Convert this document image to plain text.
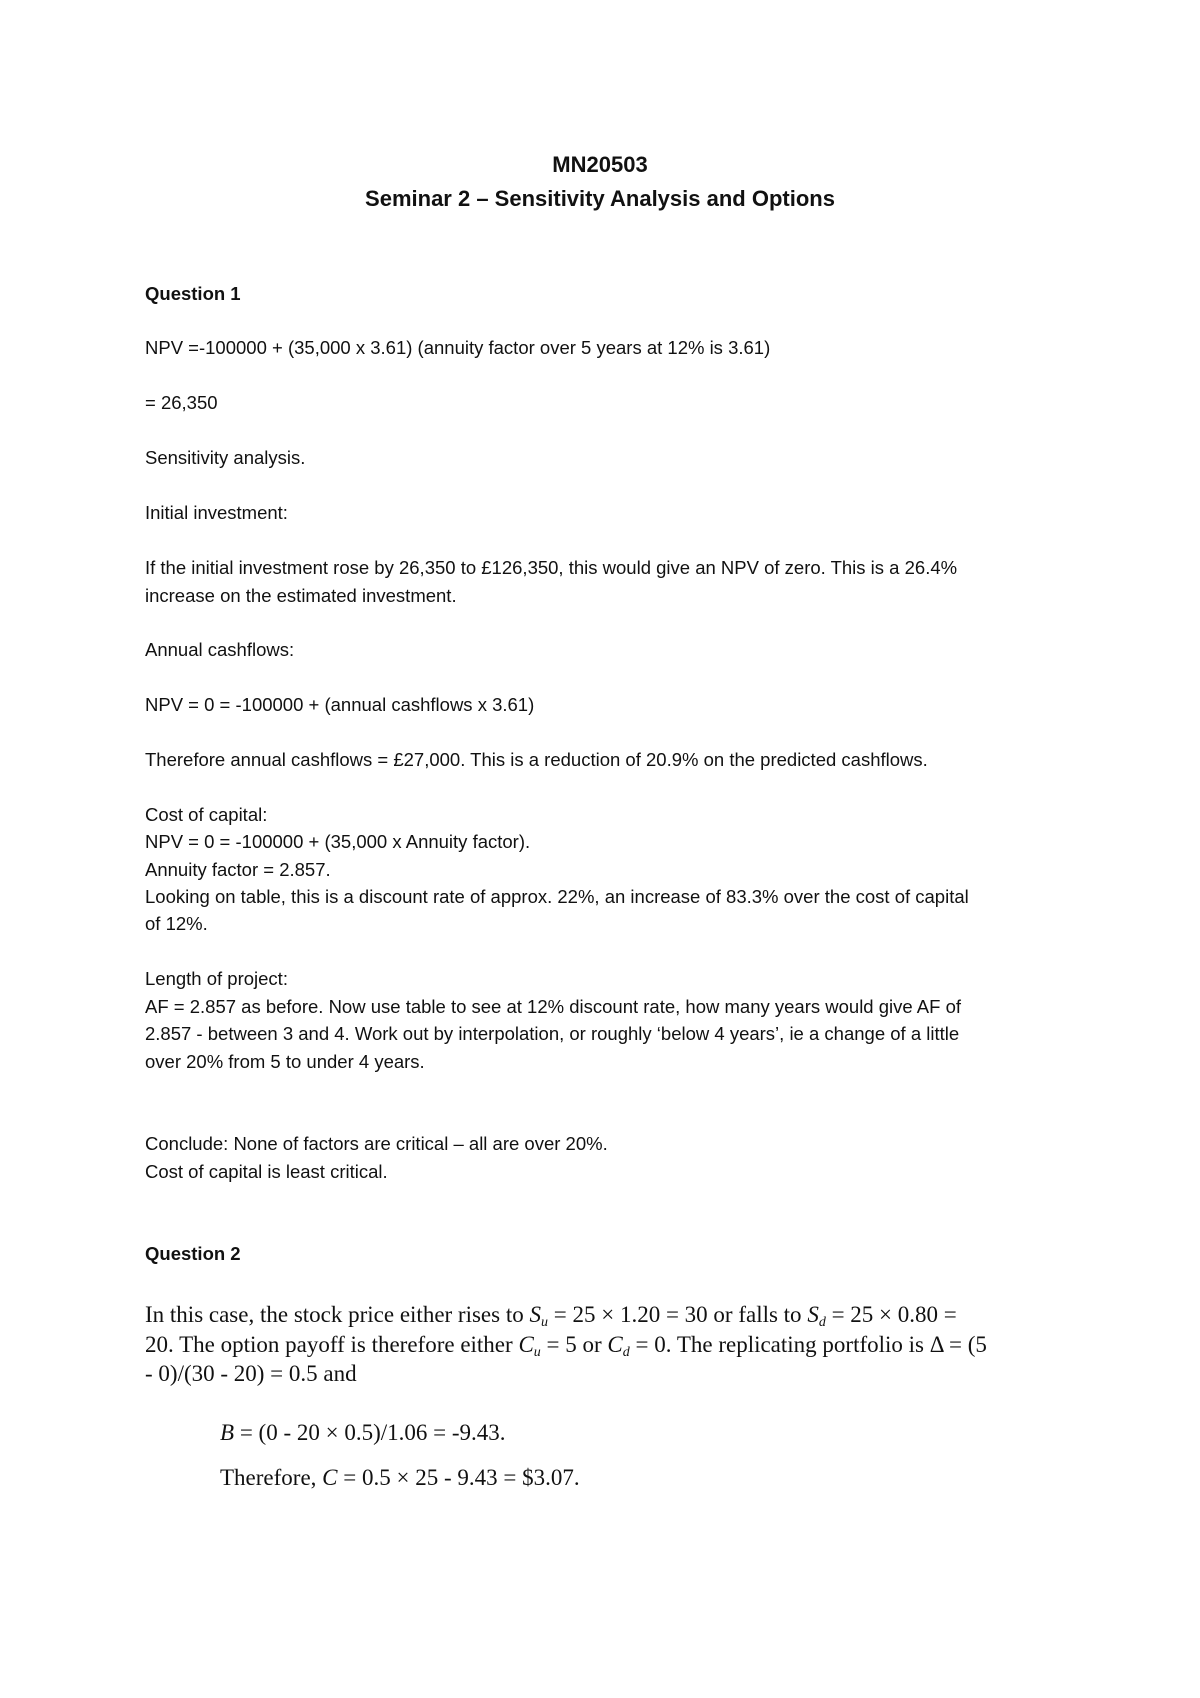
MN20503
Seminar 2 – Sensitivity Analysis and Options
Question 1
NPV =-100000 + (35,000 x 3.61) (annuity factor over 5 years at 12% is 3.61)
= 26,350
Sensitivity analysis.
Initial investment:
If the initial investment rose by 26,350 to £126,350, this would give an NPV of zero. This is a 26.4%
increase on the estimated investment.
Annual cashflows:
NPV = 0 = -100000 + (annual cashflows x 3.61)
Therefore annual cashflows = £27,000. This is a reduction of 20.9% on the predicted cashflows.
Cost of capital:
NPV = 0 = -100000 + (35,000 x Annuity factor).
Annuity factor = 2.857.
Looking on table, this is a discount rate of approx. 22%, an increase of 83.3% over the cost of capital
of 12%.
Length of project:
AF = 2.857 as before. Now use table to see at 12% discount rate, how many years would give AF of
2.857 - between 3 and 4. Work out by interpolation, or roughly ‘below 4 years’, ie a change of a little
over 20% from 5 to under 4 years.
Conclude: None of factors are critical – all are over 20%.
Cost of capital is least critical.
Question 2
In this case, the stock price either rises to $S_u = 25 \times 1.20 = 30$ or falls to $S_d = 25 \times 0.80$ =
20. The option payoff is therefore either $C_u = 5$ or $C_d = 0$. The replicating portfolio is Δ = (5
- 0)/(30 - 20) = 0.5 and
B = (0 - 20 × 0.5)/1.06 = -9.43.
Therefore, C = 0.5 × 25 - 9.43 = $3.07.
